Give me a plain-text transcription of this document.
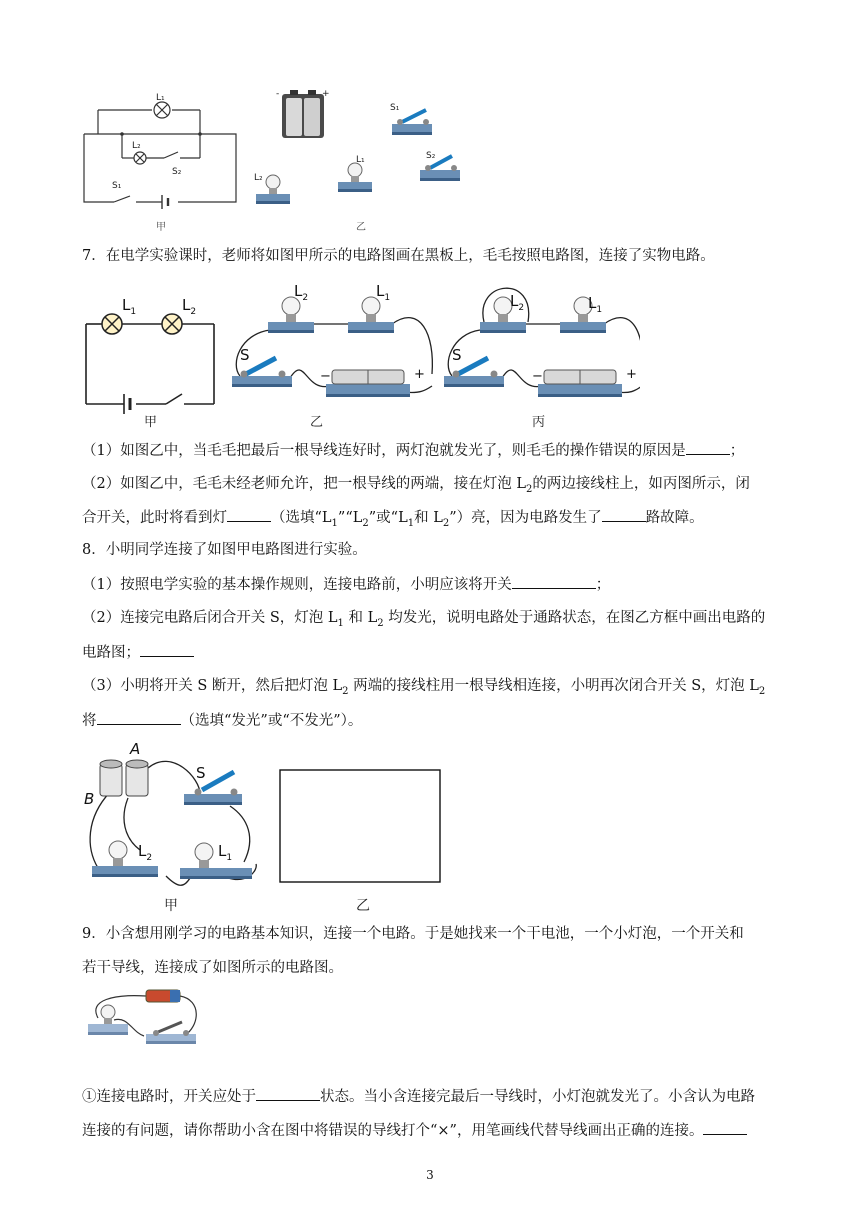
L₁
L₂
S₂
S₁
甲
-	+
S₁
S₂
L₁
L₂
乙
7．在电学实验课时，老师将如图甲所示的电路图画在黑板上，毛毛按照电路图，连接了实物电路。
$L_1$	$L_2$
甲
S
$L_2$	$L_1$
−	+
乙
S
$L_2$	$L_1$
−	+
丙
（1）如图乙中，当毛毛把最后一根导线连好时，两灯泡就发光了，则毛毛的操作错误的原因是	；
（2）如图乙中，毛毛未经老师允许，把一根导线的两端，接在灯泡 $L_2$的两边接线柱上，如丙图所示，闭
合开关，此时将看到灯	（选填“$L_1”“L_2$”或“$L_1$和 $L_2$”）亮，因为电路发生了	路故障。
8．小明同学连接了如图甲电路图进行实验。
（1）按照电学实验的基本操作规则，连接电路前，小明应该将开关	；
（2）连接完电路后闭合开关 S，灯泡 $L_1$ 和 $L_2$ 均发光，说明电路处于通路状态，在图乙方框中画出电路的
电路图；
（3）小明将开关 S 断开，然后把灯泡 $L_2$ 两端的接线柱用一根导线相连接，小明再次闭合开关 S，灯泡 $L_2$
将	（选填“发光”或“不发光”）。
A
B
S
$L_2$	$L_1$
甲	乙
9．小含想用刚学习的电路基本知识，连接一个电路。于是她找来一个干电池，一个小灯泡，一个开关和
若干导线，连接成了如图所示的电路图。
①连接电路时，开关应处于	状态。当小含连接完最后一导线时，小灯泡就发光了。小含认为电路
连接的有问题，请你帮助小含在图中将错误的导线打个“×”，用笔画线代替导线画出正确的连接。
3
